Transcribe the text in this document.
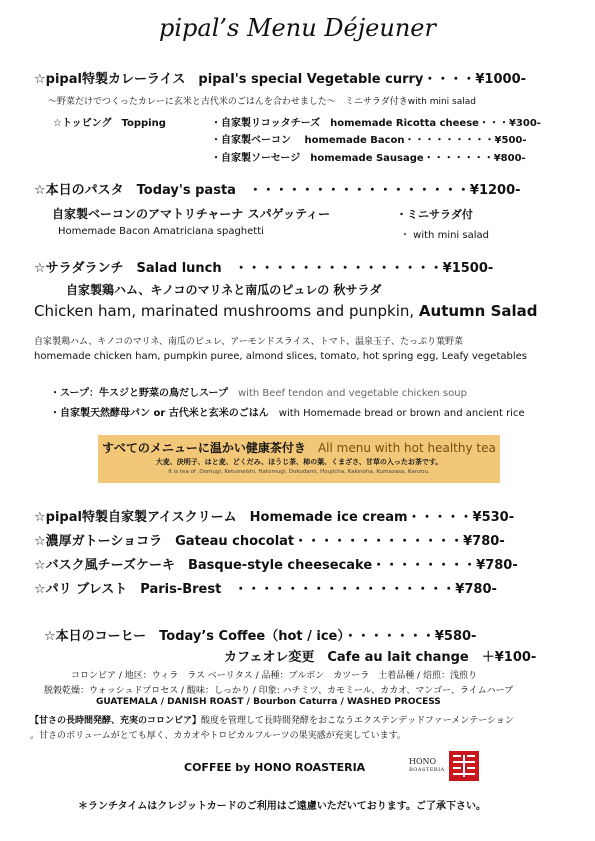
pipal’s Menu Déjeuner
☆pipal特製カレーライス　pipal's special Vegetable curry・・・・¥1000-
〜野菜だけでつくったカレーに玄米と古代米のごはんを合わせました〜　ミニサラダ付きwith mini salad
☆トッピング　Topping	・自家製リコッタチーズ　homemade Ricotta cheese・・・¥300-
・自家製ベーコン　 homemade Bacon・・・・・・・・・¥500-
・自家製ソーセージ　homemade Sausage・・・・・・・¥800-
☆本日のパスタ　Today's pasta　・・・・・・・・・・・・・・・・・¥1200-
自家製ベーコンのアマトリチャーナ スパゲッティー	・ミニサラダ付
Homemade Bacon Amatriciana spaghetti	・ with mini salad
☆サラダランチ　Salad lunch　・・・・・・・・・・・・・・・・¥1500-
自家製鶏ハム、キノコのマリネと南瓜のピュレの 秋サラダ
Chicken ham, marinated mushrooms and punpkin, Autumn Salad
自家製鶏ハム、キノコのマリネ、南瓜のピュレ、アーモンドスライス、トマト、温泉玉子、たっぷり葉野菜
homemade chicken ham, pumpkin puree, almond slices, tomato, hot spring egg, Leafy vegetables
・スープ：牛スジと野菜の鳥だしスープ　 with Beef tendon and vegetable chicken soup
・自家製天然酵母パン or 古代米と玄米のごはん　 with Homemade bread or brown and ancient rice
すべてのメニューに温かい健康茶付き　 All menu with hot healthy tea
大麦、決明子、はと麦、どくだみ、ほうじ茶、柿の葉、くまざさ、甘草の入ったお茶です。
It is tea of ,Oomugi, Ketumeishi, Hatomugi, Dokudami, Houjicha, Kakinoha, Kumazasa, Kanzou.
☆pipal特製自家製アイスクリーム　Homemade ice cream・・・・・¥530-
☆濃厚ガトーショコラ　Gateau chocolat・・・・・・・・・・・・・¥780-
☆バスク風チーズケーキ　Basque-style cheesecake・・・・・・・・¥780-
☆パリ ブレスト　Paris-Brest　・・・・・・・・・・・・・・・・・¥780-
☆本日のコーヒー　Today’s Coffee（hot / ice）・・・・・・・¥580-
カフェオレ変更　Cafe au lait change　＋¥100-
コロンビア / 地区：ウィラ　ラス ベーリタス / 品種：ブルボン　カツーラ　土着品種 / 焙煎：浅煎り
脱穀乾燥：ウォッシュドプロセス / 酸味：しっかり / 印象: ハチミツ、カモミール、カカオ、マンゴー、ライムハーブ
GUATEMALA / DANISH ROAST / Bourbon Caturra / WASHED PROCESS
【甘さの長時間発酵、充実のコロンビア】酸度を管理して長時間発酵をおこなうエクステンデッドファーメンテーション
。甘さのボリュームがとても厚く、カカオやトロピカルフルーツの果実感が充実しています。
COFFEE by HONO ROASTERIA	HONO
ROASTERIA
＊ランチタイムはクレジットカードのご利用はご遠慮いただいております。ご了承下さい。
